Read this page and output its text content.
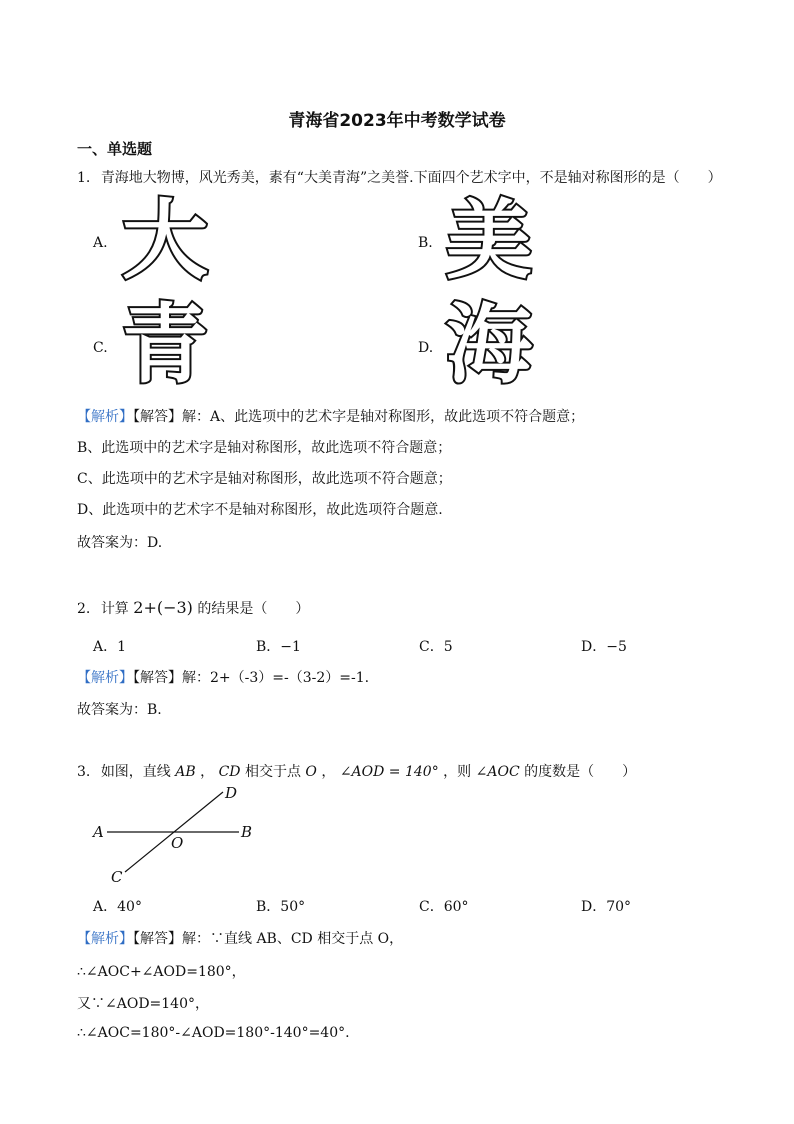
青海省2023年中考数学试卷
一、单选题
1. 青海地大物博，风光秀美，素有“大美青海”之美誉.下面四个艺术字中，不是轴对称图形的是（　　）
A. 大	B. 美
C. 青	D. 海
【解析】【解答】解：A、此选项中的艺术字是轴对称图形，故此选项不符合题意；
B、此选项中的艺术字是轴对称图形，故此选项不符合题意；
C、此选项中的艺术字是轴对称图形，故此选项不符合题意；
D、此选项中的艺术字不是轴对称图形，故此选项符合题意.
故答案为：D.
2. 计算 2+(−3) 的结果是（　　）
A．1	B．−1	C．5	D．−5
【解析】【解答】解：2+（-3）=-（3-2）=-1.
故答案为：B.
3. 如图，直线 AB ， CD 相交于点 O ， ∠AOD = 140° ，则 ∠AOC 的度数是（　　）
A	B
C
D
O
A．40°	B．50°	C．60°	D．70°
【解析】【解答】解：∵直线 AB、CD 相交于点 O，
∴∠AOC+∠AOD=180°，
又∵∠AOD=140°，
∴∠AOC=180°-∠AOD=180°-140°=40°.
